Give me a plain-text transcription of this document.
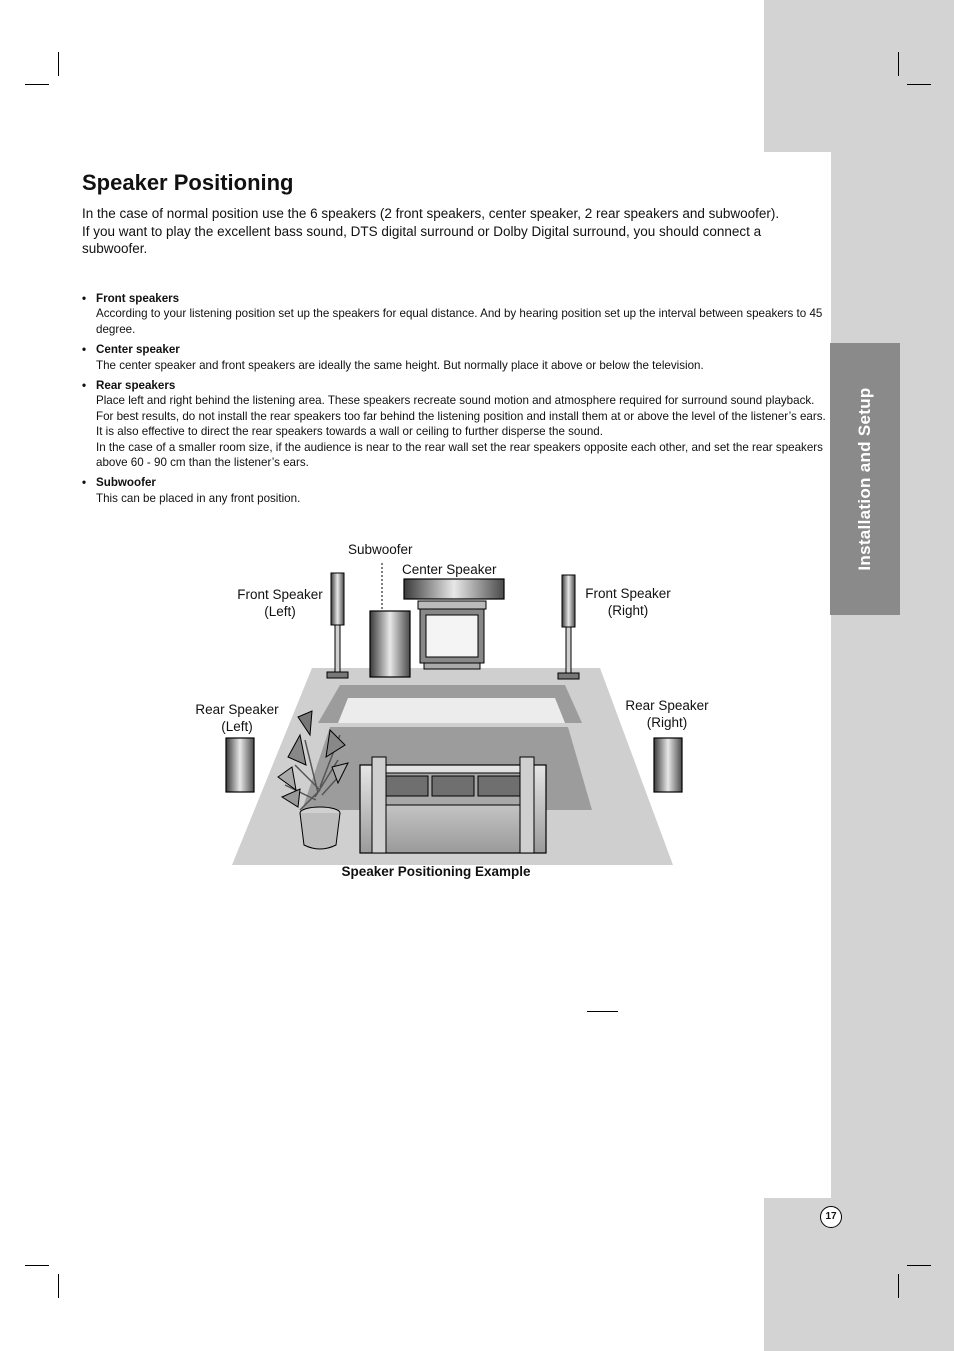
Installation and Setup
Speaker Positioning

In the case of normal position use the 6 speakers (2 front speakers, center speaker, 2 rear speakers and subwoofer).

If you want to play the excellent bass sound, DTS digital surround or Dolby Digital surround, you should connect a subwoofer.

• Front speakers
According to your listening position set up the speakers for equal distance. And by hearing position set up the interval between speakers to 45 degree.
• Center speaker
The center speaker and front speakers are ideally the same height. But normally place it above or below the television.
• Rear speakers
Place left and right behind the listening area. These speakers recreate sound motion and atmosphere required for surround sound playback. For best results, do not install the rear speakers too far behind the listening position and install them at or above the level of the listener’s ears. It is also effective to direct the rear speakers towards a wall or ceiling to further disperse the sound.
In the case of a smaller room size, if the audience is near to the rear wall set the rear speakers opposite each other, and set the rear speakers above 60 - 90 cm than the listener’s ears.
• Subwoofer
This can be placed in any front position.
Subwoofer
Center Speaker
Front Speaker
(Left)
Front Speaker
(Right)
Rear Speaker
(Left)
Rear Speaker
(Right)
Speaker Positioning Example
17
